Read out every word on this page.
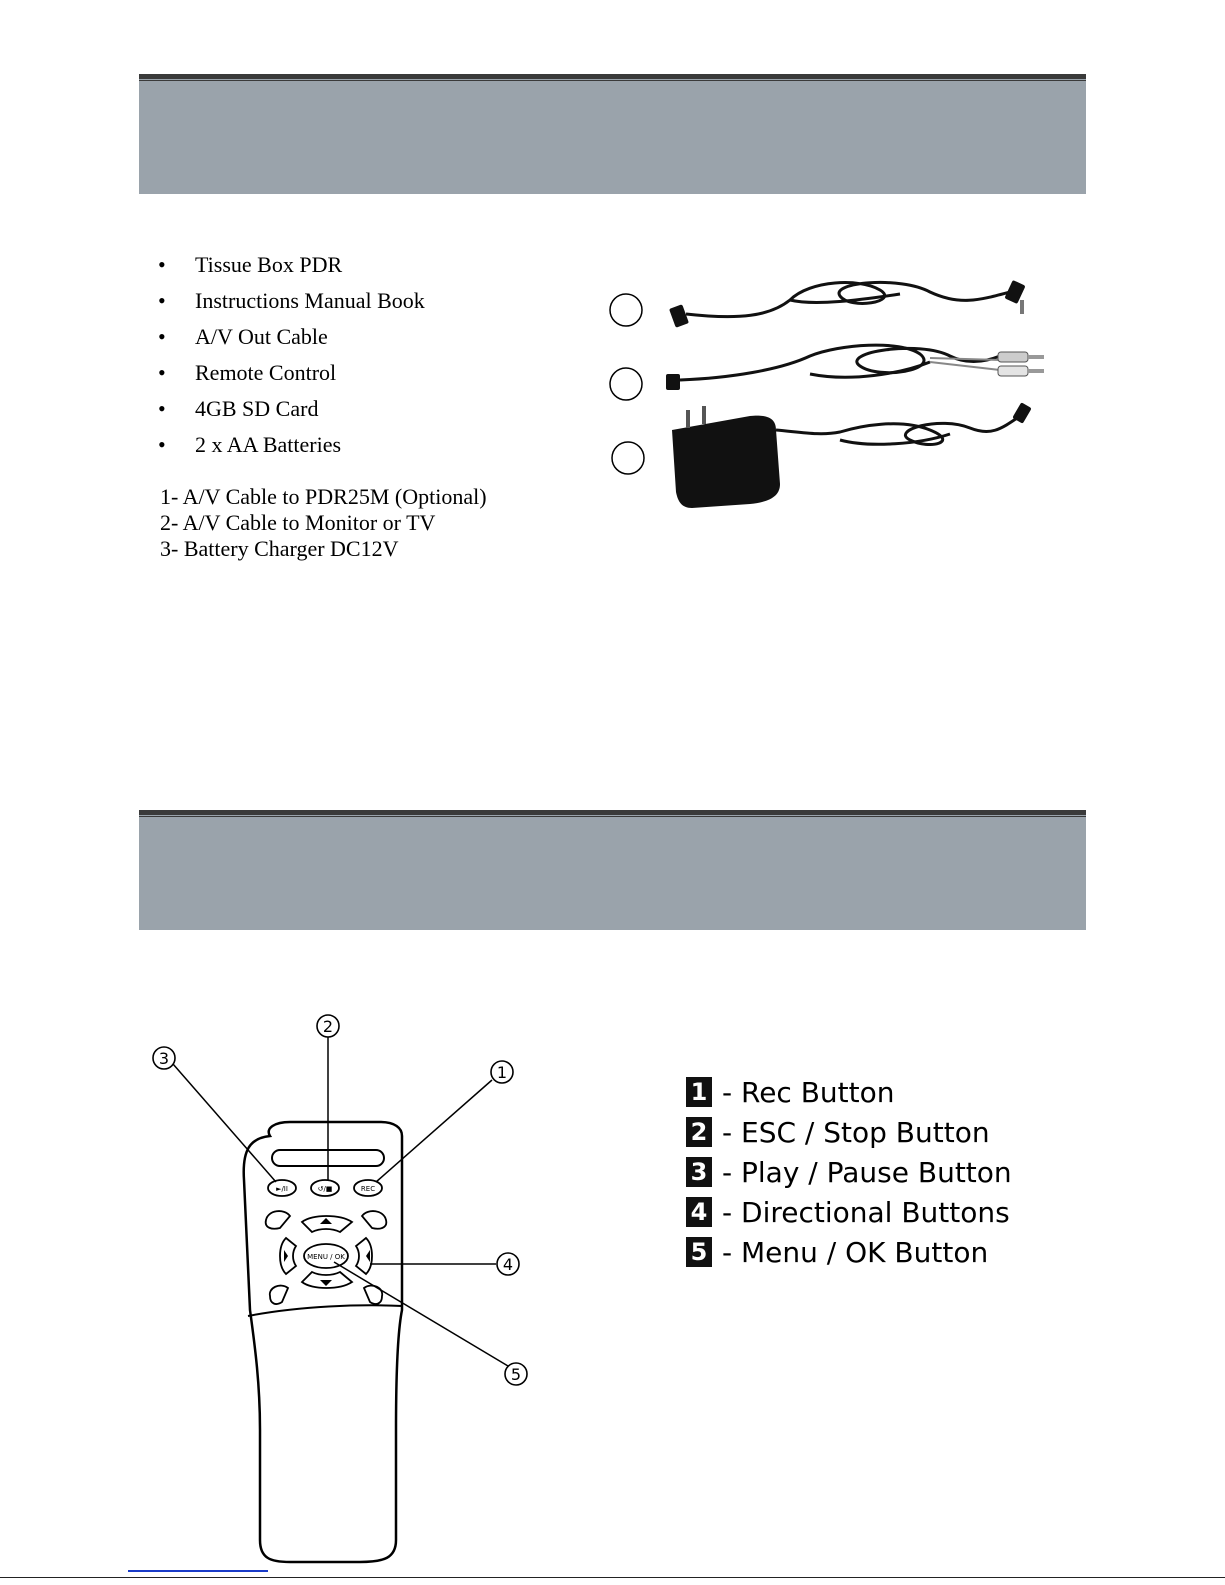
• Tissue Box PDR
• Instructions Manual Book
• A/V Out Cable
• Remote Control
• 4GB SD Card
• 2 x AA Batteries
1- A/V Cable to PDR25M (Optional)
2- A/V Cable to Monitor or TV
3- Battery Charger DC12V
►/II	↺/■	REC
MENU / OK
3
2
1
4
5
1 - Rec Button
2 - ESC / Stop Button
3 - Play / Pause Button
4 - Directional Buttons
5 - Menu / OK Button
